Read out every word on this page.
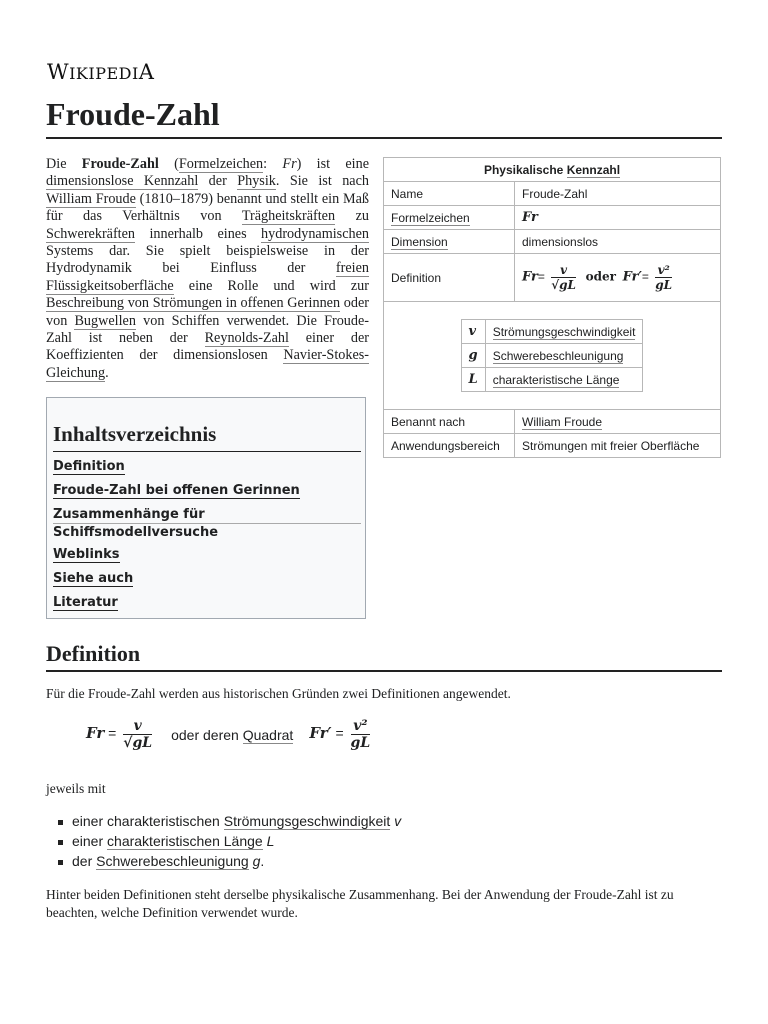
WIKIPEDIA
Froude-Zahl

Die Froude-Zahl (Formelzeichen: Fr) ist eine dimensionslose Kennzahl der Physik. Sie ist nach William Froude (1810–1879) benannt und stellt ein Maß für das Verhältnis von Trägheitskräften zu Schwerekräften innerhalb eines hydrodynamischen Systems dar. Sie spielt beispielsweise in der Hydrodynamik bei Einfluss der freien Flüssigkeitsoberfläche eine Rolle und wird zur Beschreibung von Strömungen in offenen Gerinnen oder von Bugwellen von Schiffen verwendet. Die Froude-Zahl ist neben der Reynolds-Zahl einer der Koeffizienten der dimensionslosen Navier-Stokes-Gleichung.

Physikalische Kennzahl
Name	Froude-Zahl
Formelzeichen	Fr
Dimension	dimensionslos
Definition	$Fr= \frac{v}{√gL}$ oder $Fr'= \frac{\text{v²}}{gL}$

v	Strömungsgeschwindigkeit
g	Schwerebeschleunigung
L	charakteristische Länge

Benannt nach	William Froude
Anwendungsbereich	Strömungen mit freier Oberfläche
Inhaltsverzeichnis
Definition
Froude-Zahl bei offenen Gerinnen
Zusammenhänge für
Schiffsmodellversuche
Weblinks
Siehe auch
Literatur
Definition

Für die Froude-Zahl werden aus historischen Gründen zwei Definitionen angewendet.

$Fr = \frac{v}{√gL}$ oder deren Quadrat $Fr' = \frac{\text{v²}}{gL}$

jeweils mit

einer charakteristischen Strömungsgeschwindigkeit v
einer charakteristischen Länge L
der Schwerebeschleunigung g.

Hinter beiden Definitionen steht derselbe physikalische Zusammenhang. Bei der Anwendung der Froude-Zahl ist zu beachten, welche Definition verwendet wurde.
